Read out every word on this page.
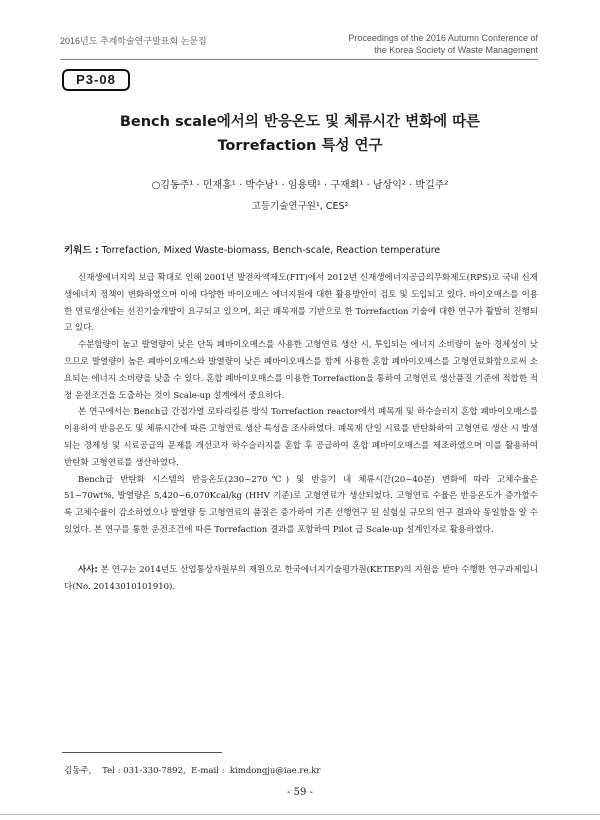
2016년도 추계학술연구발표회 논문집	Proceedings of the 2016 Autumn Conference of
the Korea Society of Waste Management
P3-08
Bench scale에서의 반응온도 및 체류시간 변화에 따른
Torrefaction 특성 연구
○김동주¹ · 민재홍¹ · 박수남¹ · 임용택¹ · 구재회¹ · 남상익² · 박길주²
고등기술연구원¹, CES²
키워드 : Torrefaction, Mixed Waste-biomass, Bench-scale, Reaction temperature

신재생에너지의 보급 확대로 인해 2001년 발전차액제도(FIT)에서 2012년 신재생에너지공급의무화제도(RPS)로 국내 신재생에너지 정책이 변화하였으며 이에 다양한 바이오매스 에너지원에 대한 활용방안이 검토 및 도입되고 있다. 바이오매스를 이용한 연료생산에는 선진기술개발이 요구되고 있으며, 최근 폐목재를 기반으로 한 Torrefaction 기술에 대한 연구가 활발히 진행되고 있다.

수분함량이 높고 발열량이 낮은 단독 폐바이오매스를 사용한 고형연료 생산 시, 투입되는 에너지 소비량이 높아 경제성이 낮으므로 발열량이 높은 폐바이오매스와 발열량이 낮은 폐바이오매스를 함께 사용한 혼합 폐바이오매스를 고형연료화함으로써 소요되는 에너지 소비량을 낮출 수 있다. 혼합 폐바이오매스를 이용한 Torrefaction을 통하여 고형연료 생산품질 기준에 적합한 적정 운전조건을 도출하는 것이 Scale-up 설계에서 중요하다.

본 연구에서는 Bench급 간접가열 로타리킬른 방식 Torrefaction reactor에서 폐목재 및 하수슬러지 혼합 폐바이오매스를 이용하여 반응온도 및 체류시간에 따른 고형연료 생산 특성을 조사하였다. 폐목재 단일 시료를 반탄화하여 고형연료 생산 시 발생되는 경제성 및 시료공급의 문제를 개선코자 하수슬러지를 혼합 후 공급하여 혼합 폐바이오매스를 제조하였으며 이를 활용하여 반탄화 고형연료를 생산하였다.

Bench급 반탄화 시스템의 반응온도(230~270℃) 및 반응기 내 체류시간(20~40분) 변화에 따라 고체수율은 51~70wt%, 발열량은 5,420~6,070Kcal/kg (HHV 기준)로 고형연료가 생산되었다. 고형연료 수율은 반응온도가 증가할수록 고체수율이 감소하였으나 발열량 등 고형연료의 품질은 증가하여 기존 선행연구 된 실험실 규모의 연구 결과와 동일함을 알 수 있었다. 본 연구를 통한 운전조건에 따른 Torrefaction 결과를 포함하여 Pilot 급 Scale-up 설계인자로 활용하였다.

사사: 본 연구는 2014년도 산업통상자원부의 재원으로 한국에너지기술평가원(KETEP)의 지원을 받아 수행한 연구과제입니다(No. 20143010101910).
김동주,    Tel : 031-330-7892,  E-mail :  kimdongju@iae.re.kr
- 59 -
